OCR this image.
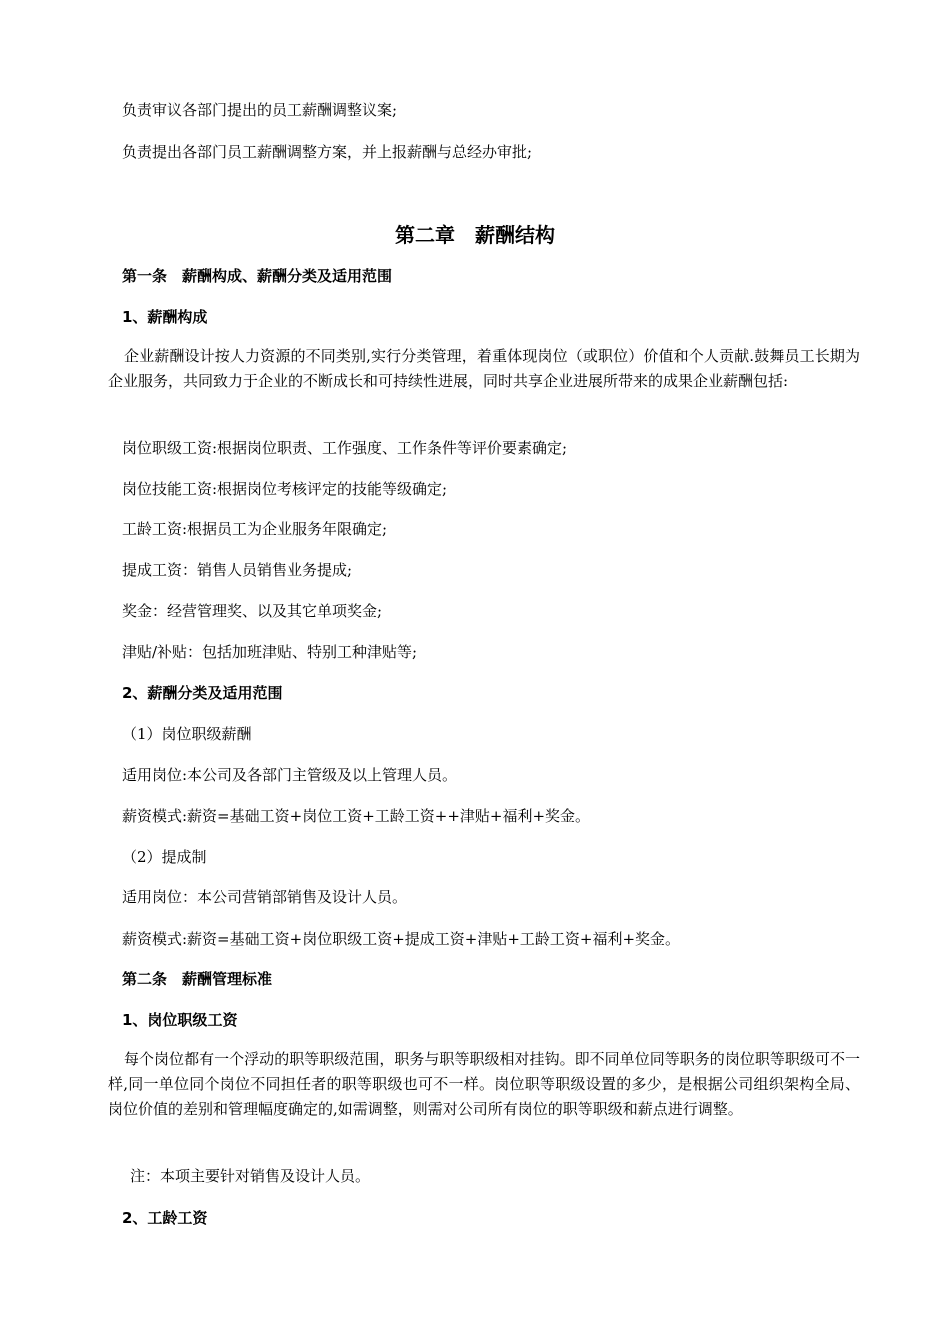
负责审议各部门提出的员工薪酬调整议案;
负责提出各部门员工薪酬调整方案，并上报薪酬与总经办审批;
第二章　薪酬结构
第一条　薪酬构成、薪酬分类及适用范围
1、薪酬构成
企业薪酬设计按人力资源的不同类别,实行分类管理，着重体现岗位（或职位）价值和个人贡献.鼓舞员工长期为企业服务，共同致力于企业的不断成长和可持续性进展，同时共享企业进展所带来的成果企业薪酬包括:
岗位职级工资:根据岗位职责、工作强度、工作条件等评价要素确定;
岗位技能工资:根据岗位考核评定的技能等级确定;
工龄工资:根据员工为企业服务年限确定;
提成工资：销售人员销售业务提成;
奖金：经营管理奖、以及其它单项奖金;
津贴/补贴：包括加班津贴、特别工种津贴等;
2、薪酬分类及适用范围
（1）岗位职级薪酬
适用岗位:本公司及各部门主管级及以上管理人员。
薪资模式:薪资=基础工资+岗位工资+工龄工资++津贴+福利+奖金。
（2）提成制
适用岗位：本公司营销部销售及设计人员。
薪资模式:薪资=基础工资+岗位职级工资+提成工资+津贴+工龄工资+福利+奖金。
第二条　薪酬管理标准
1、岗位职级工资
每个岗位都有一个浮动的职等职级范围，职务与职等职级相对挂钩。即不同单位同等职务的岗位职等职级可不一样,同一单位同个岗位不同担任者的职等职级也可不一样。岗位职等职级设置的多少，是根据公司组织架构全局、岗位价值的差别和管理幅度确定的,如需调整，则需对公司所有岗位的职等职级和薪点进行调整。
注：本项主要针对销售及设计人员。
2、工龄工资
